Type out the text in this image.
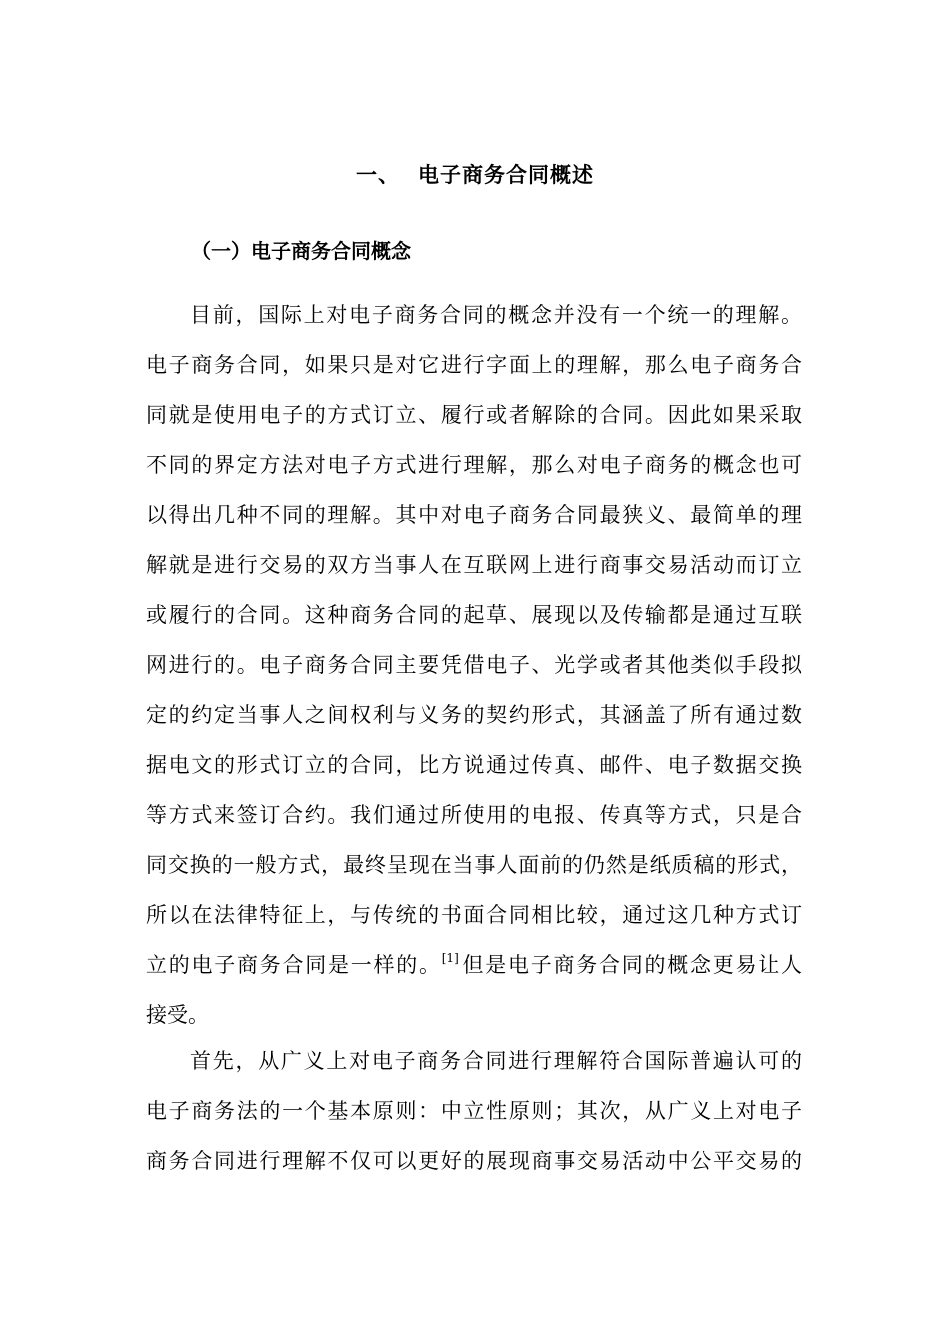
一、 电子商务合同概述
（一）电子商务合同概念
目前，国际上对电子商务合同的概念并没有一个统一的理解。
电子商务合同，如果只是对它进行字面上的理解，那么电子商务合
同就是使用电子的方式订立、履行或者解除的合同。因此如果采取
不同的界定方法对电子方式进行理解，那么对电子商务的概念也可
以得出几种不同的理解。其中对电子商务合同最狭义、最简单的理
解就是进行交易的双方当事人在互联网上进行商事交易活动而订立
或履行的合同。这种商务合同的起草、展现以及传输都是通过互联
网进行的。电子商务合同主要凭借电子、光学或者其他类似手段拟
定的约定当事人之间权利与义务的契约形式，其涵盖了所有通过数
据电文的形式订立的合同，比方说通过传真、邮件、电子数据交换
等方式来签订合约。我们通过所使用的电报、传真等方式，只是合
同交换的一般方式，最终呈现在当事人面前的仍然是纸质稿的形式，
所以在法律特征上，与传统的书面合同相比较，通过这几种方式订
立的电子商务合同是一样的。[1]但是电子商务合同的概念更易让人
接受。
首先，从广义上对电子商务合同进行理解符合国际普遍认可的
电子商务法的一个基本原则：中立性原则；其次，从广义上对电子
商务合同进行理解不仅可以更好的展现商事交易活动中公平交易的
